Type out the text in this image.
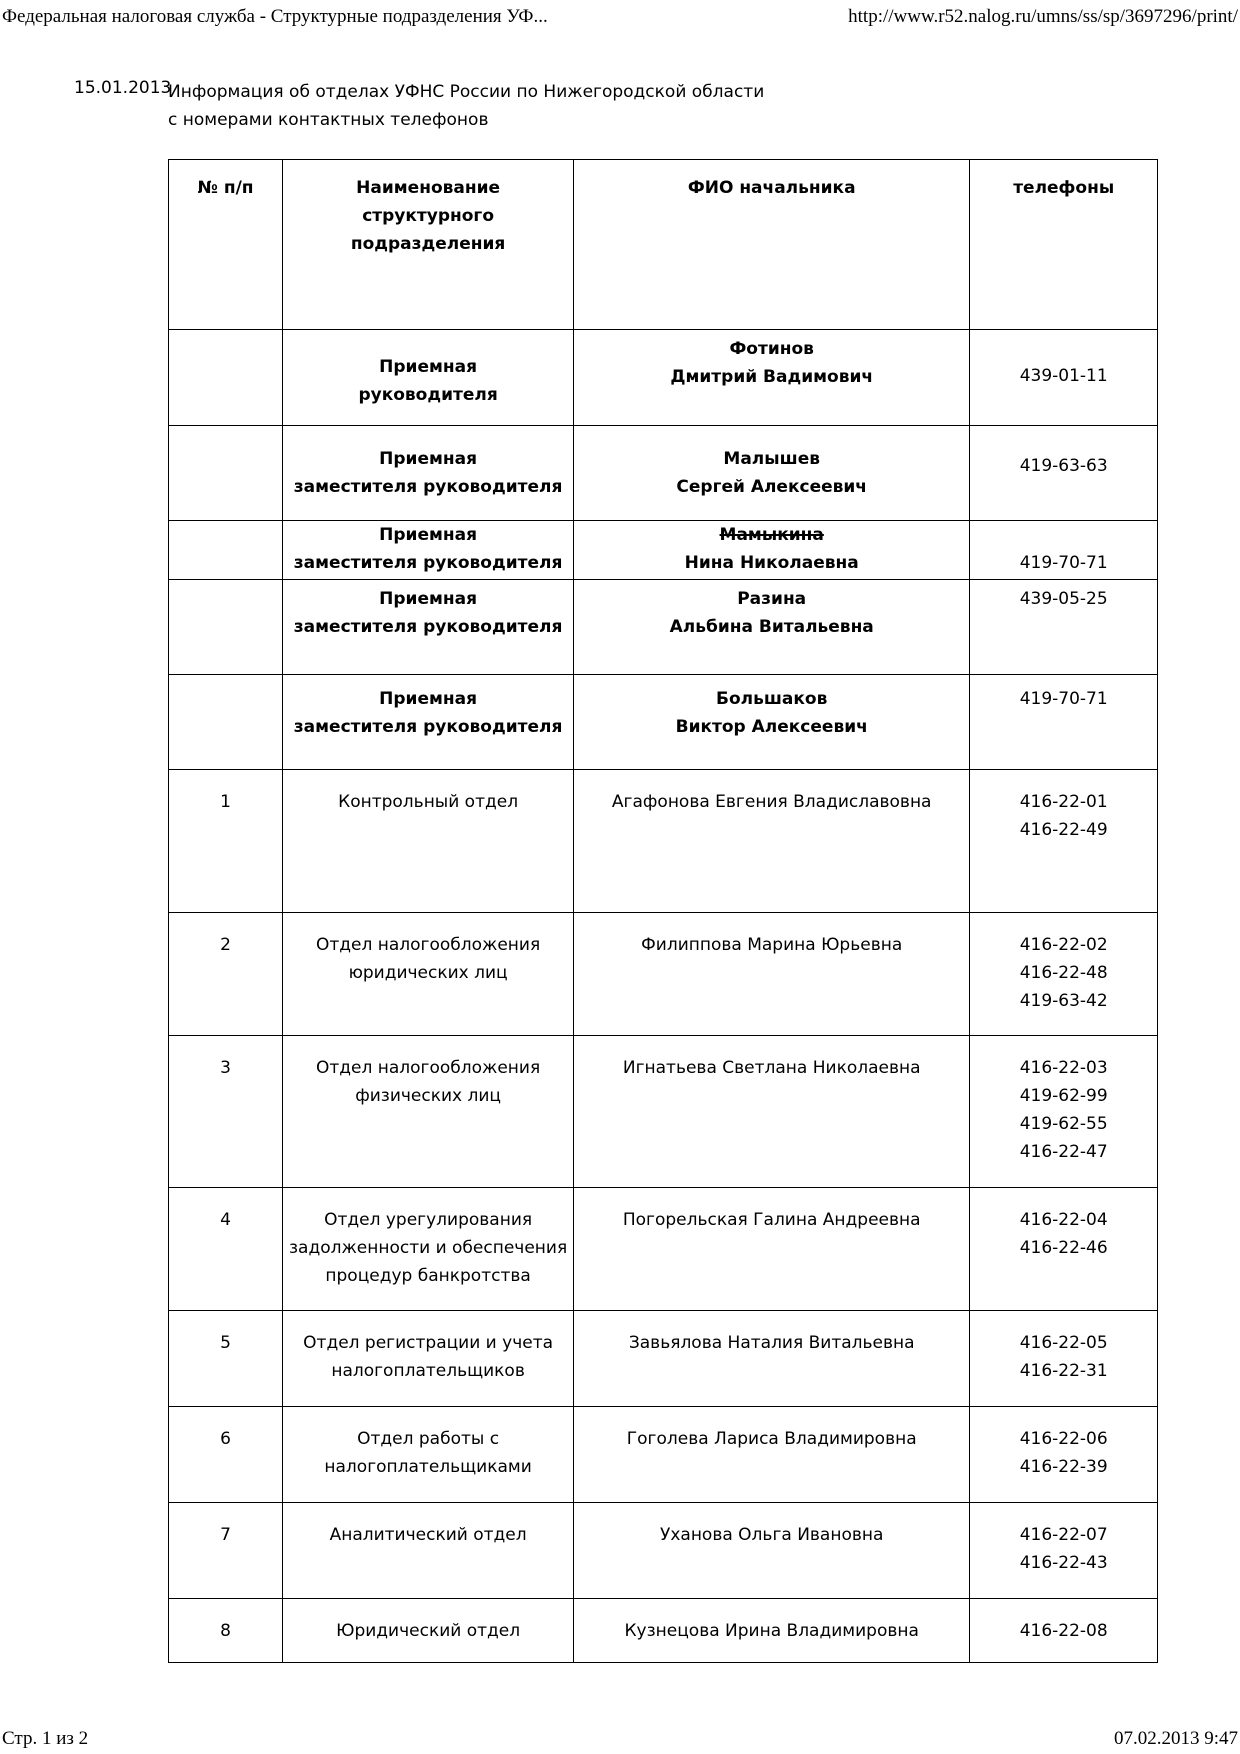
Федеральная налоговая служба - Структурные подразделения УФ...	http://www.r52.nalog.ru/umns/ss/sp/3697296/print/
15.01.2013
Информация об отделах УФНС России по Нижегородской области
с номерами контактных телефонов
№ п/п	Наименование
структурного
подразделения	ФИО начальника	телефоны

	Приемная
руководителя	Фотинов
Дмитрий Вадимович	439-01-11

	Приемная
заместителя руководителя	Малышев
Сергей Алексеевич	419-63-63

	Приемная
заместителя руководителя	Мамыкина
Нина Николаевна	419-70-71

	Приемная
заместителя руководителя	Разина
Альбина Витальевна	439-05-25

	Приемная
заместителя руководителя	Большаков
Виктор Алексеевич	419-70-71

1	Контрольный отдел	Агафонова Евгения Владиславовна	416-22-01
416-22-49

2	Отдел налогообложения
юридических лиц	Филиппова Марина Юрьевна	416-22-02
416-22-48
419-63-42

3	Отдел налогообложения
физических лиц	Игнатьева Светлана Николаевна	416-22-03
419-62-99
419-62-55
416-22-47

4	Отдел урегулирования
задолженности и обеспечения
процедур банкротства	Погорельская Галина Андреевна	416-22-04
416-22-46

5	Отдел регистрации и учета
налогоплательщиков	Завьялова Наталия Витальевна	416-22-05
416-22-31

6	Отдел работы с
налогоплательщиками	Гоголева Лариса Владимировна	416-22-06
416-22-39

7	Аналитический отдел	Уханова Ольга Ивановна	416-22-07
416-22-43

8	Юридический отдел	Кузнецова Ирина Владимировна	416-22-08
Стр. 1 из 2	07.02.2013 9:47
